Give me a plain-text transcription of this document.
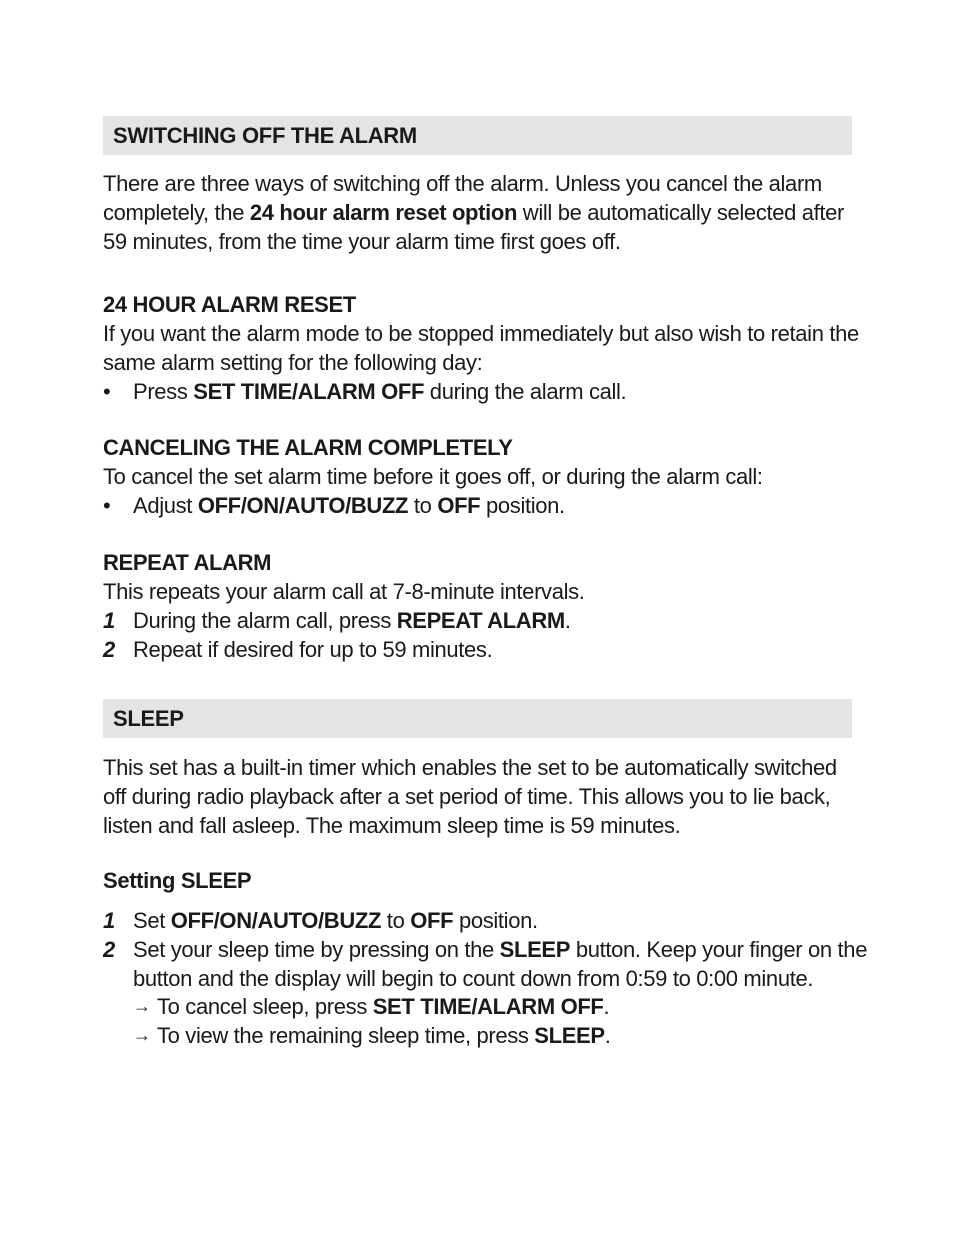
SWITCHING OFF THE ALARM
There are three ways of switching off the alarm. Unless you cancel the alarm
completely, the 24 hour alarm reset option will be automatically selected after
59 minutes, from the time your alarm time first goes off.
24 HOUR ALARM RESET
If you want the alarm mode to be stopped immediately but also wish to retain the
same alarm setting for the following day:
• Press SET TIME/ALARM OFF during the alarm call.
CANCELING THE ALARM COMPLETELY
To cancel the set alarm time before it goes off, or during the alarm call:
• Adjust OFF/ON/AUTO/BUZZ to OFF position.
REPEAT ALARM
This repeats your alarm call at 7-8-minute intervals.
1 During the alarm call, press REPEAT ALARM.
2 Repeat if desired for up to 59 minutes.
SLEEP
This set has a built-in timer which enables the set to be automatically switched
off during radio playback after a set period of time. This allows you to lie back,
listen and fall asleep. The maximum sleep time is 59 minutes.
Setting SLEEP
1 Set OFF/ON/AUTO/BUZZ to OFF position.
2 Set your sleep time by pressing on the SLEEP button. Keep your finger on the
button and the display will begin to count down from 0:59 to 0:00 minute.
→ To cancel sleep, press SET TIME/ALARM OFF.
→ To view the remaining sleep time, press SLEEP.
